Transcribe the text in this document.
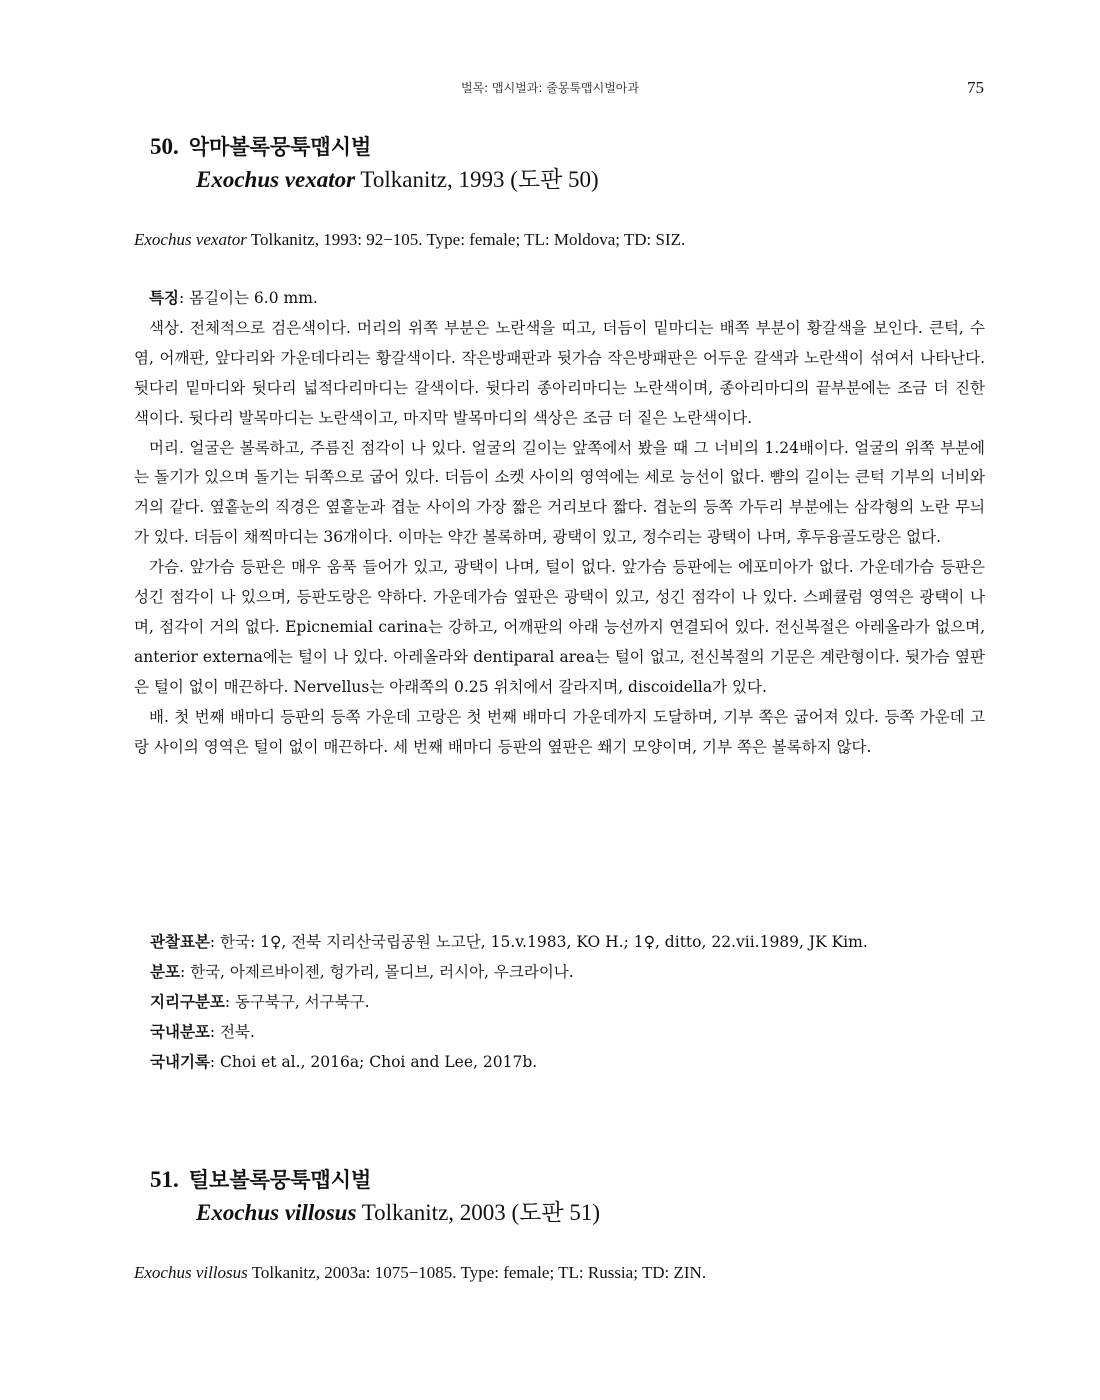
벌목: 맵시벌과: 줄몽툭맵시벌아과	75
50. 악마볼록뭉툭맵시벌
Exochus vexator Tolkanitz, 1993 (도판 50)
Exochus vexator Tolkanitz, 1993: 92−105. Type: female; TL: Moldova; TD: SIZ.

특징: 몸길이는 6.0 mm.

색상. 전체적으로 검은색이다. 머리의 위쪽 부분은 노란색을 띠고, 더듬이 밑마디는 배쪽 부분이 황갈색을 보인다. 큰턱, 수염, 어깨판, 앞다리와 가운데다리는 황갈색이다. 작은방패판과 뒷가슴 작은방패판은 어두운 갈색과 노란색이 섞여서 나타난다. 뒷다리 밑마디와 뒷다리 넓적다리마디는 갈색이다. 뒷다리 종아리마디는 노란색이며, 종아리마디의 끝부분에는 조금 더 진한 색이다. 뒷다리 발목마디는 노란색이고, 마지막 발목마디의 색상은 조금 더 짙은 노란색이다.

머리. 얼굴은 볼록하고, 주름진 점각이 나 있다. 얼굴의 길이는 앞쪽에서 봤을 때 그 너비의 1.24배이다. 얼굴의 위쪽 부분에는 돌기가 있으며 돌기는 뒤쪽으로 굽어 있다. 더듬이 소켓 사이의 영역에는 세로 능선이 없다. 뺨의 길이는 큰턱 기부의 너비와 거의 같다. 옆홑눈의 직경은 옆홑눈과 겹눈 사이의 가장 짧은 거리보다 짧다. 겹눈의 등쪽 가두리 부분에는 삼각형의 노란 무늬가 있다. 더듬이 채찍마디는 36개이다. 이마는 약간 볼록하며, 광택이 있고, 정수리는 광택이 나며, 후두융골도랑은 없다.

가슴. 앞가슴 등판은 매우 움푹 들어가 있고, 광택이 나며, 털이 없다. 앞가슴 등판에는 에포미아가 없다. 가운데가슴 등판은 성긴 점각이 나 있으며, 등판도랑은 약하다. 가운데가슴 옆판은 광택이 있고, 성긴 점각이 나 있다. 스페큘럼 영역은 광택이 나며, 점각이 거의 없다. Epicnemial carina는 강하고, 어깨판의 아래 능선까지 연결되어 있다. 전신복절은 아레올라가 없으며, anterior externa에는 털이 나 있다. 아레올라와 dentiparal area는 털이 없고, 전신복절의 기문은 계란형이다. 뒷가슴 옆판은 털이 없이 매끈하다. Nervellus는 아래쪽의 0.25 위치에서 갈라지며, discoidella가 있다.

배. 첫 번째 배마디 등판의 등쪽 가운데 고랑은 첫 번째 배마디 가운데까지 도달하며, 기부 쪽은 굽어져 있다. 등쪽 가운데 고랑 사이의 영역은 털이 없이 매끈하다. 세 번째 배마디 등판의 옆판은 쐐기 모양이며, 기부 쪽은 볼록하지 않다.

관찰표본: 한국: 1♀, 전북 지리산국립공원 노고단, 15.v.1983, KO H.; 1♀, ditto, 22.vii.1989, JK Kim.
분포: 한국, 아제르바이젠, 헝가리, 몰디브, 러시아, 우크라이나.
지리구분포: 동구북구, 서구북구.
국내분포: 전북.
국내기록: Choi et al., 2016a; Choi and Lee, 2017b.
51. 털보볼록뭉툭맵시벌
Exochus villosus Tolkanitz, 2003 (도판 51)
Exochus villosus Tolkanitz, 2003a: 1075−1085. Type: female; TL: Russia; TD: ZIN.
